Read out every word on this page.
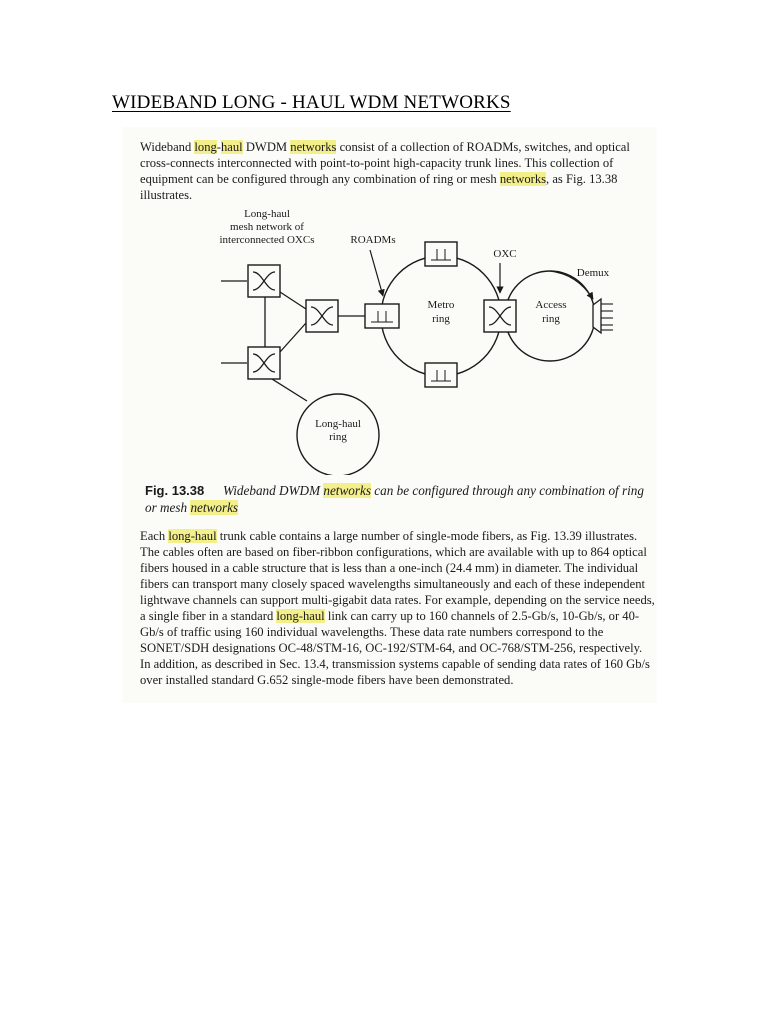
WIDEBAND LONG - HAUL WDM NETWORKS

Wideband long-haul DWDM networks consist of a collection of ROADMs, switches, and optical cross-connects interconnected with point-to-point high-capacity trunk lines. This collection of equipment can be configured through any combination of ring or mesh networks, as Fig. 13.38 illustrates.

Long-haul
mesh network of
interconnected OXCs	ROADMs
OXC
Demux
Metro
ring
Access
ring
Long-haul
ring

Fig. 13.38 Wideband DWDM networks can be configured through any combination of ring or mesh networks

Each long-haul trunk cable contains a large number of single-mode fibers, as Fig. 13.39 illustrates. The cables often are based on fiber-ribbon configurations, which are available with up to 864 optical fibers housed in a cable structure that is less than a one-inch (24.4 mm) in diameter. The individual fibers can transport many closely spaced wavelengths simultaneously and each of these independent lightwave channels can support multi-gigabit data rates. For example, depending on the service needs, a single fiber in a standard long-haul link can carry up to 160 channels of 2.5-Gb/s, 10-Gb/s, or 40-Gb/s of traffic using 160 individual wavelengths. These data rate numbers correspond to the SONET/SDH designations OC-48/STM-16, OC-192/STM-64, and OC-768/STM-256, respectively. In addition, as described in Sec. 13.4, transmission systems capable of sending data rates of 160 Gb/s over installed standard G.652 single-mode fibers have been demonstrated.
